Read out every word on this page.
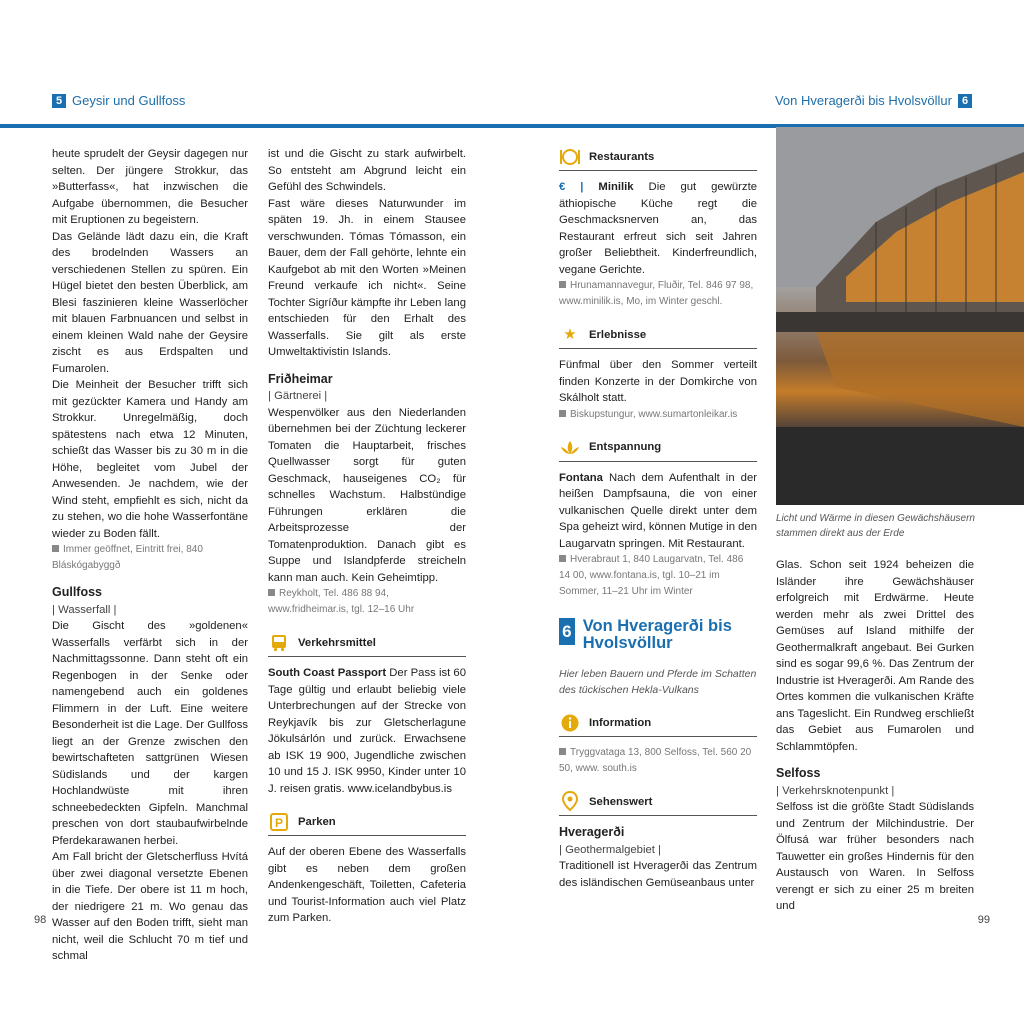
5 Geysir und Gullfoss	Von Hveragerði bis Hvolsvöllur 6

heute sprudelt der Geysir dagegen nur selten. Der jüngere Strokkur, das »Butterfass«, hat inzwischen die Aufgabe übernommen, die Besucher mit Eruptionen zu begeistern.

Das Gelände lädt dazu ein, die Kraft des brodelnden Wassers an verschiedenen Stellen zu spüren. Ein Hügel bietet den besten Überblick, am Blesi faszinieren kleine Wasserlöcher mit blauen Farbnuancen und selbst in einem kleinen Wald nahe der Geysire zischt es aus Erdspalten und Fumarolen.

Die Meinheit der Besucher trifft sich mit gezückter Kamera und Handy am Strokkur. Unregelmäßig, doch spätestens nach etwa 12 Minuten, schießt das Wasser bis zu 30 m in die Höhe, begleitet vom Jubel der Anwesenden. Je nachdem, wie der Wind steht, empfiehlt es sich, nicht da zu stehen, wo die hohe Wasserfontäne wieder zu Boden fällt.

Immer geöffnet, Eintritt frei, 840 Bláskógabyggð
Gullfoss
| Wasserfall |

Die Gischt des »goldenen« Wasserfalls verfärbt sich in der Nachmittagssonne. Dann steht oft ein Regenbogen in der Senke oder namengebend auch ein goldenes Flimmern in der Luft. Eine weitere Besonderheit ist die Lage. Der Gullfoss liegt an der Grenze zwischen den bewirtschafteten sattgrünen Wiesen Südislands und der kargen Hochlandwüste mit ihren schneebedeckten Gipfeln. Manchmal preschen von dort staubaufwirbelnde Pferdekarawanen herbei.

Am Fall bricht der Gletscherfluss Hvítá über zwei diagonal versetzte Ebenen in die Tiefe. Der obere ist 11 m hoch, der niedrigere 21 m. Wo genau das Wasser auf den Boden trifft, sieht man nicht, weil die Schlucht 70 m tief und schmal

ist und die Gischt zu stark aufwirbelt. So entsteht am Abgrund leicht ein Gefühl des Schwindels.

Fast wäre dieses Naturwunder im späten 19. Jh. in einem Stausee verschwunden. Tómas Tómasson, ein Bauer, dem der Fall gehörte, lehnte ein Kaufgebot ab mit den Worten »Meinen Freund verkaufe ich nicht«. Seine Tochter Sigríður kämpfte ihr Leben lang entschieden für den Erhalt des Wasserfalls. Sie gilt als erste Umweltaktivistin Islands.

Friðheimar
| Gärtnerei |

Wespenvölker aus den Niederlanden übernehmen bei der Züchtung leckerer Tomaten die Hauptarbeit, frisches Quellwasser sorgt für guten Geschmack, hauseigenes CO₂ für schnelles Wachstum. Halbstündige Führungen erklären die Arbeitsprozesse der Tomatenproduktion. Danach gibt es Suppe und Islandpferde streicheln kann man auch. Kein Geheimtipp.

Reykholt, Tel. 486 88 94, www.fridheimar.is, tgl. 12–16 Uhr
Verkehrsmittel

South Coast Passport Der Pass ist 60 Tage gültig und erlaubt beliebig viele Unterbrechungen auf der Strecke von Reykjavík bis zur Gletscherlagune Jökulsárlón und zurück. Erwachsene ab ISK 19 900, Jugendliche zwischen 10 und 15 J. ISK 9950, Kinder unter 10 J. reisen gratis. www.icelandbybus.is

P Parken

Auf der oberen Ebene des Wasserfalls gibt es neben dem großen Andenkengeschäft, Toiletten, Cafeteria und Tourist-Information auch viel Platz zum Parken.

Restaurants

€ | Minilik Die gut gewürzte äthiopische Küche regt die Geschmacksnerven an, das Restaurant erfreut sich seit Jahren großer Beliebtheit. Kinderfreundlich, vegane Gerichte.

Hrunamannavegur, Fluðir, Tel. 846 97 98, www.minilik.is, Mo, im Winter geschl.
★	Erlebnisse

Fünfmal über den Sommer verteilt finden Konzerte in der Domkirche von Skálholt statt.

Biskupstungur, www.sumartonleikar.is
Entspannung

Fontana Nach dem Aufenthalt in der heißen Dampfsauna, die von einer vulkanischen Quelle direkt unter dem Spa geheizt wird, können Mutige in den Laugarvatn springen. Mit Restaurant.

Hverabraut 1, 840 Laugarvatn, Tel. 486 14 00, www.fontana.is, tgl. 10–21 im Sommer, 11–21 Uhr im Winter
6 Von Hveragerði bis Hvolsvöllur
Hier leben Bauern und Pferde im Schatten des tückischen Hekla-Vulkans
Information
Tryggvatagа 13, 800 Selfoss, Tel. 560 20 50, www. south.is
Sehenswert
Hveragerði
| Geothermalgebiet |

Traditionell ist Hveragerði das Zentrum des isländischen Gemüseanbaus unter

Licht und Wärme in diesen Gewächshäusern stammen direkt aus der Erde

Glas. Schon seit 1924 beheizen die Isländer ihre Gewächshäuser erfolgreich mit Erdwärme. Heute werden mehr als zwei Drittel des Gemüses auf Island mithilfe der Geothermalkraft angebaut. Bei Gurken sind es sogar 99,6 %. Das Zentrum der Industrie ist Hveragerði. Am Rande des Ortes kommen die vulkanischen Kräfte ans Tageslicht. Ein Rundweg erschließt das Gebiet aus Fumarolen und Schlammtöpfen.

Selfoss
| Verkehrsknotenpunkt |

Selfoss ist die größte Stadt Südislands und Zentrum der Milchindustrie. Der Ölfusá war früher besonders nach Tauwetter ein großes Hindernis für den Austausch von Waren. In Selfoss verengt er sich zu einer 25 m breiten und

98	99
